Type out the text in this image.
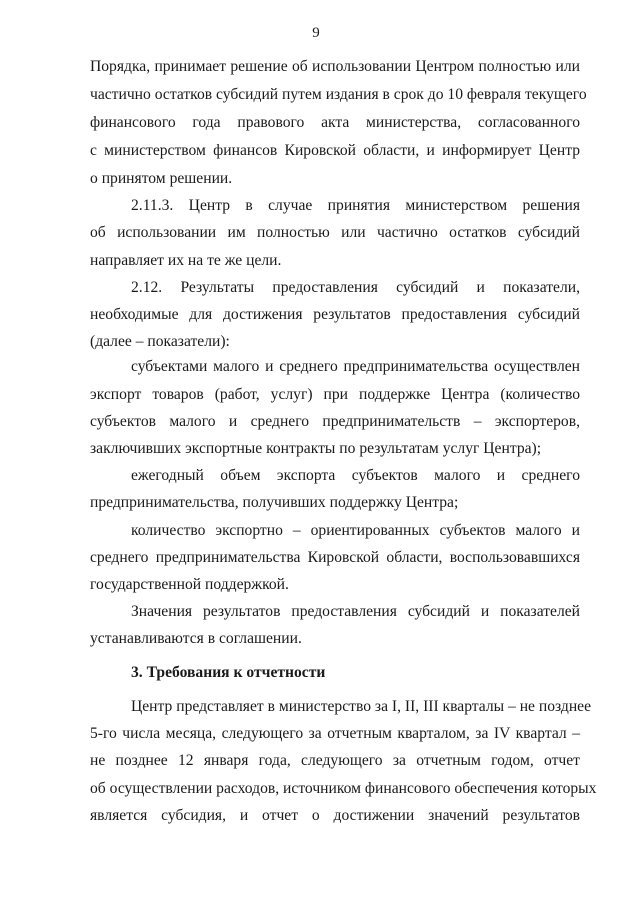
9
Порядка, принимает решение об использовании Центром полностью или
частично остатков субсидий путем издания в срок до 10 февраля текущего
финансового года правового акта министерства, согласованного
с министерством финансов Кировской области, и информирует Центр
о принятом решении.
2.11.3. Центр в случае принятия министерством решения
об использовании им полностью или частично остатков субсидий
направляет их на те же цели.
2.12. Результаты предоставления субсидий и показатели,
необходимые для достижения результатов предоставления субсидий
(далее – показатели):
субъектами малого и среднего предпринимательства осуществлен
экспорт товаров (работ, услуг) при поддержке Центра (количество
субъектов малого и среднего предпринимательств – экспортеров,
заключивших экспортные контракты по результатам услуг Центра);
ежегодный объем экспорта субъектов малого и среднего
предпринимательства, получивших поддержку Центра;
количество экспортно – ориентированных субъектов малого и
среднего предпринимательства Кировской области, воспользовавшихся
государственной поддержкой.
Значения результатов предоставления субсидий и показателей
устанавливаются в соглашении.
3. Требования к отчетности
Центр представляет в министерство за I, II, III кварталы – не позднее
5-го числа месяца, следующего за отчетным кварталом, за IV квартал –
не позднее 12 января года, следующего за отчетным годом, отчет
об осуществлении расходов, источником финансового обеспечения которых
является субсидия, и отчет о достижении значений результатов
